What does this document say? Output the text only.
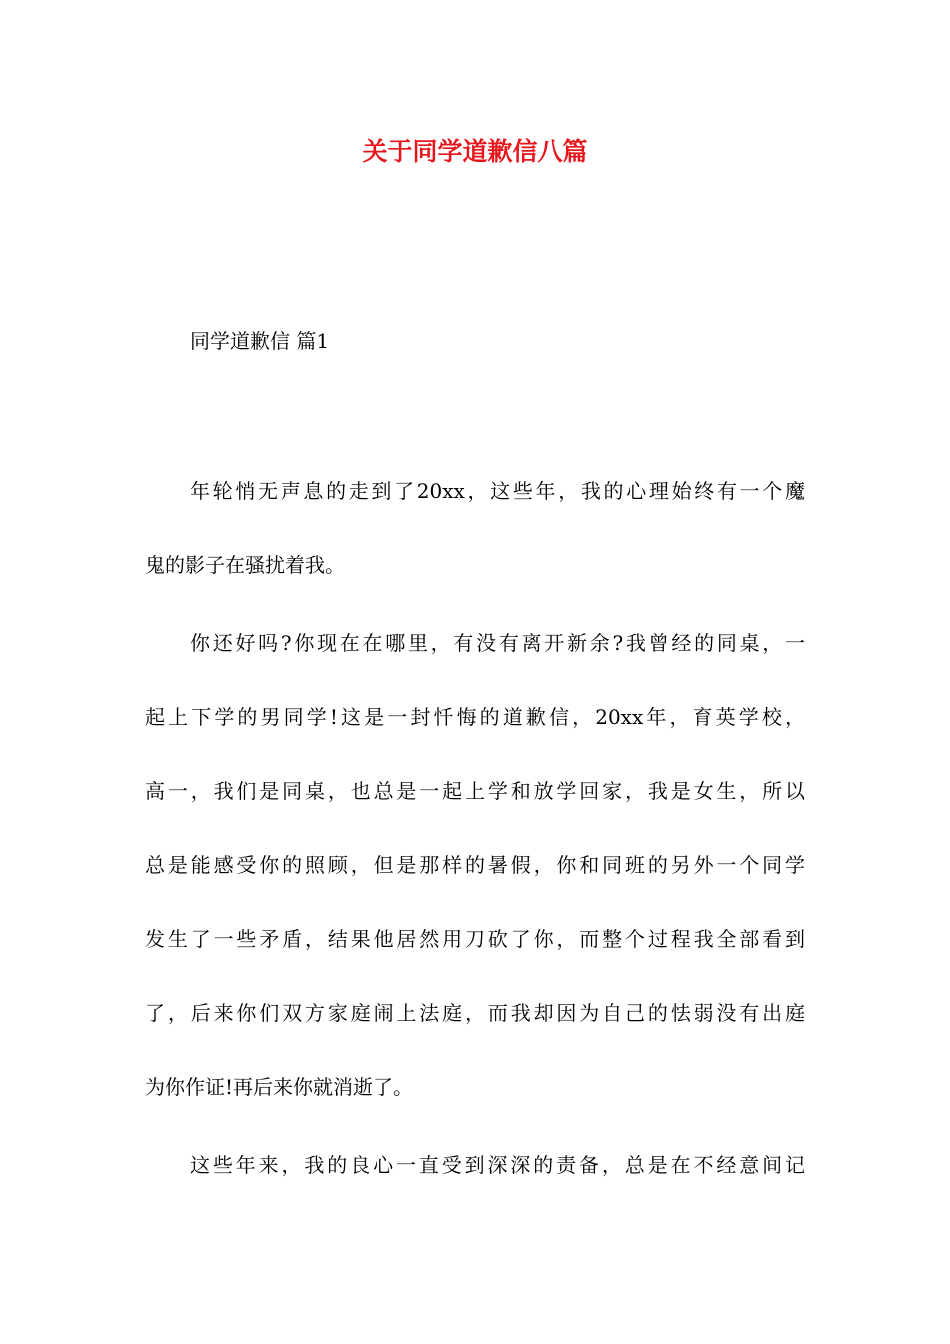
关于同学道歉信八篇

同学道歉信 篇1

年轮悄无声息的走到了20xx，这些年，我的心理始终有一个魔
鬼的影子在骚扰着我。
你还好吗?你现在在哪里，有没有离开新余?我曾经的同桌，一
起上下学的男同学!这是一封忏悔的道歉信，20xx年，育英学校，
高一，我们是同桌，也总是一起上学和放学回家，我是女生，所以
总是能感受你的照顾，但是那样的暑假，你和同班的另外一个同学
发生了一些矛盾，结果他居然用刀砍了你，而整个过程我全部看到
了，后来你们双方家庭闹上法庭，而我却因为自己的怯弱没有出庭
为你作证!再后来你就消逝了。
这些年来，我的良心一直受到深深的责备，总是在不经意间记
